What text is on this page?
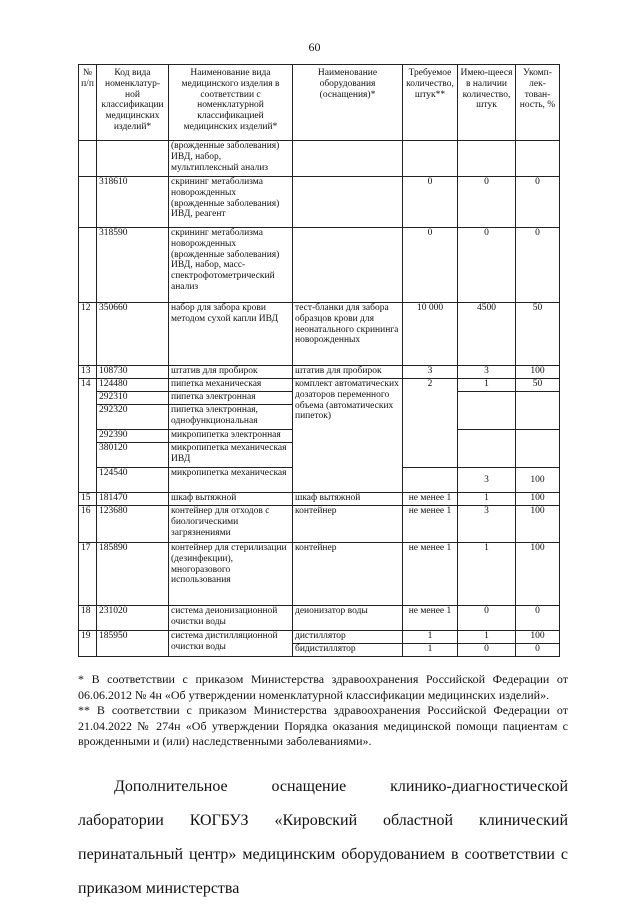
60
№ п/п	Код вида номенклатур-ной классификации медицинских изделий*	Наименование вида медицинского изделия в соответствии с номенклатурной классификацией медицинских изделий*	Наименование оборудования (оснащения)*	Требуемое количество, штук**	Имею-щееся в наличии количество, штук	Укомп-лек-тован-ность, %
		(врожденные заболевания) ИВД, набор, мультиплексный анализ				
	318610	скрининг метаболизма новорожденных (врожденные заболевания) ИВД, реагент		0	0	0
	318590	скрининг метаболизма новорожденных (врожденные заболевания) ИВД, набор, масс-спектрофотометрический анализ		0	0	0
12	350660	набор для забора крови методом сухой капли ИВД	тест-бланки для забора образцов крови для неонатального скрининга новорожденных	10 000	4500	50
13	108730	штатив для пробирок	штатив для пробирок	3	3	100
14	124480	пипетка механическая	комплект автоматических дозаторов переменного объема (автоматических пипеток)	2	1	50
	292310	пипетка электронная				
	292320	пипетка электронная, однофункциональная				
	292390	микропипетка электронная				
	380120	микропипетка механическая ИВД				
	124540	микропипетка механическая			3	100
15	181470	шкаф вытяжной	шкаф вытяжной	не менее 1	1	100
16	123680	контейнер для отходов с биологическими загрязнениями	контейнер	не менее 1	3	100
17	185890	контейнер для стерилизации (дезинфекции), многоразового использования	контейнер	не менее 1	1	100
18	231020	система деионизационной очистки воды	деионизатор воды	не менее 1	0	0
19	185950	система дистилляционной очистки воды	дистиллятор	1	1	100
			бидистиллятор	1	0	0

* В соответствии с приказом Министерства здравоохранения Российской Федерации от 06.06.2012 № 4н «Об утверждении номенклатурной классификации медицинских изделий».

** В соответствии с приказом Министерства здравоохранения Российской Федерации от 21.04.2022 № 274н «Об утверждении Порядка оказания медицинской помощи пациентам с врожденными и (или) наследственными заболеваниями».

Дополнительное оснащение клинико-диагностической лаборатории КОГБУЗ «Кировский областной клинический перинатальный центр» медицинским оборудованием в соответствии с приказом министерства
